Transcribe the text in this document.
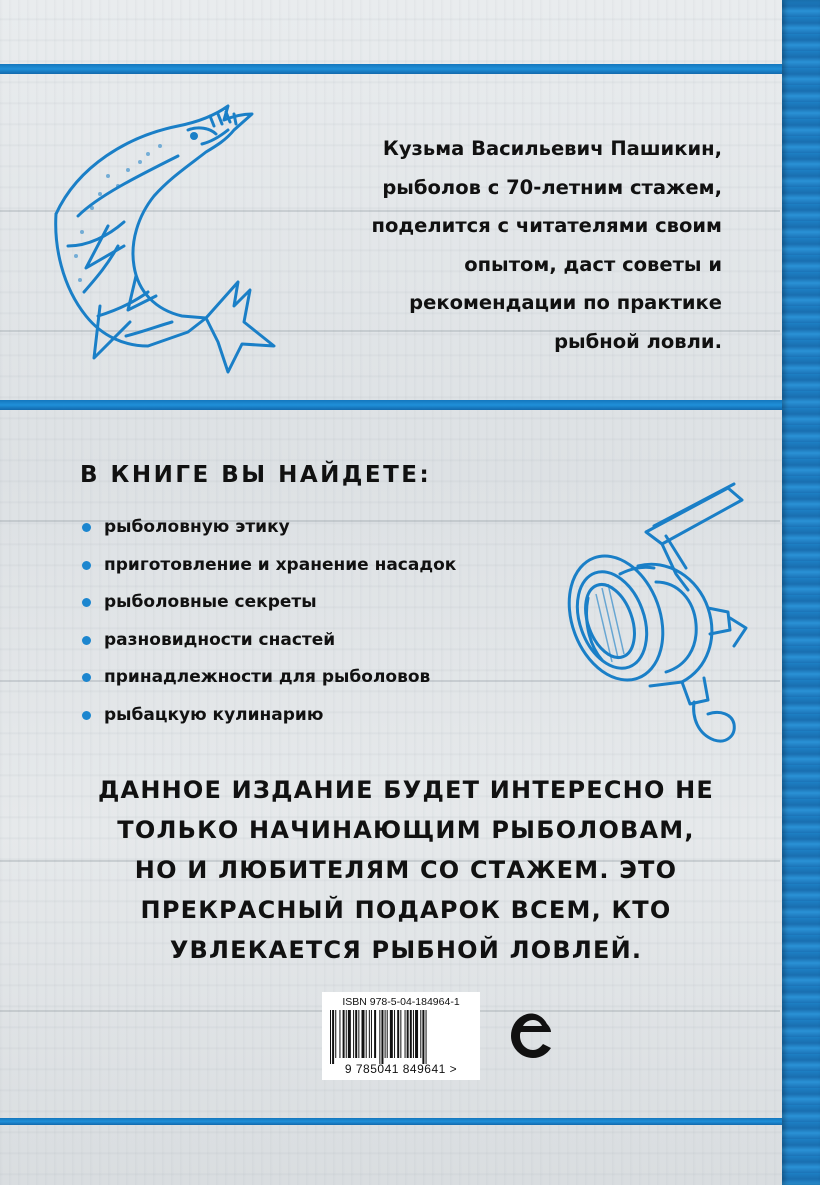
Кузьма Васильевич Пашикин,
рыболов с 70-летним стажем,
поделится с читателями своим
опытом, даст советы и
рекомендации по практике
рыбной ловли.
В КНИГЕ ВЫ НАЙДЕТЕ:
рыболовную этику
приготовление и хранение насадок
рыболовные секреты
разновидности снастей
принадлежности для рыболовов
рыбацкую кулинарию
ДАННОЕ ИЗДАНИЕ БУДЕТ ИНТЕРЕСНО НЕ
ТОЛЬКО НАЧИНАЮЩИМ РЫБОЛОВАМ,
НО И ЛЮБИТЕЛЯМ СО СТАЖЕМ. ЭТО
ПРЕКРАСНЫЙ ПОДАРОК ВСЕМ, КТО
УВЛЕКАЕТСЯ РЫБНОЙ ЛОВЛЕЙ.
ISBN 978-5-04-184964-1
9 785041 849641 >
